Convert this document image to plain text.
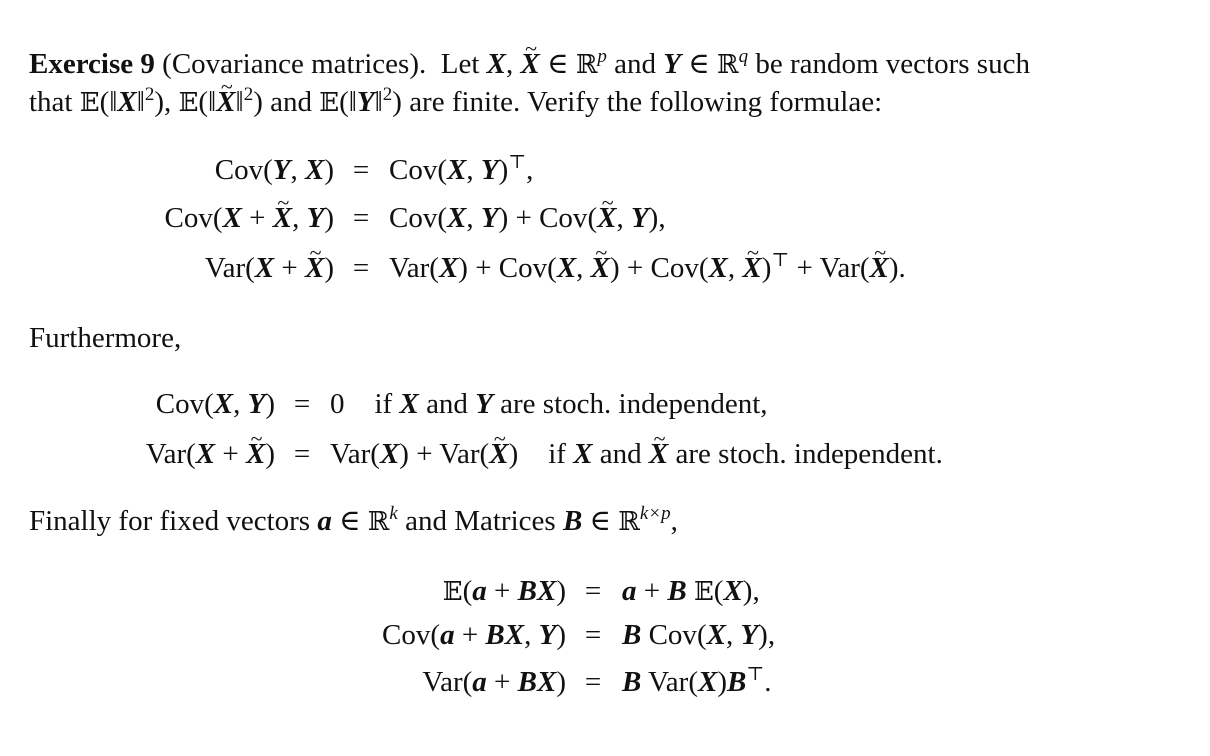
Exercise 9 (Covariance matrices). Let X, ~ X ∈ ℝ$^p$ and Y ∈ ℝ$^q$ be random vectors such
that 𝔼(‖X‖$^2$), 𝔼(‖~ X‖$^2$) and 𝔼(‖Y‖$^2$) are finite. Verify the following formulae:
Cov(Y, X) = Cov(X, Y)⊤,
Cov(X + ~ X, Y) = Cov(X, Y) + Cov(~ X, Y),
Var(X + ~ X) = Var(X) + Cov(X, ~ X) + Cov(X, ~ X)⊤ + Var(~ X).
Furthermore,
Cov(X, Y) = 0 if X and Y are stoch. independent,
Var(X + ~ X) = Var(X) + Var(~ X) if X and ~ X are stoch. independent.
Finally for fixed vectors a ∈ ℝ$^k$ and Matrices B ∈ ℝ$^{k\times p}$,
𝔼(a + BX) = a + B 𝔼(X),
Cov(a + BX, Y) = B Cov(X, Y),
Var(a + BX) = B Var(X)B⊤.
